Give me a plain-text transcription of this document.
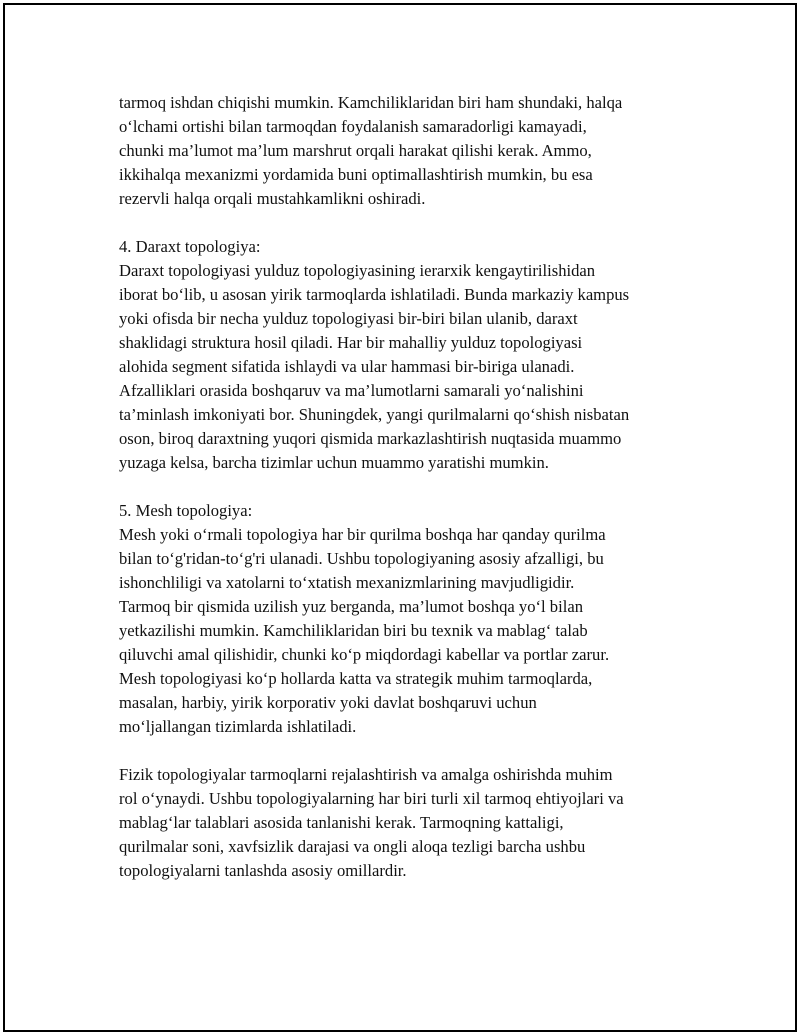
tarmoq ishdan chiqishi mumkin. Kamchiliklaridan biri ham shundaki, halqa
o‘lchami ortishi bilan tarmoqdan foydalanish samaradorligi kamayadi,
chunki ma’lumot ma’lum marshrut orqali harakat qilishi kerak. Ammo,
ikkihalqa mexanizmi yordamida buni optimallashtirish mumkin, bu esa
rezervli halqa orqali mustahkamlikni oshiradi.
4. Daraxt topologiya:
Daraxt topologiyasi yulduz topologiyasining ierarxik kengaytirilishidan
iborat bo‘lib, u asosan yirik tarmoqlarda ishlatiladi. Bunda markaziy kampus
yoki ofisda bir necha yulduz topologiyasi bir-biri bilan ulanib, daraxt
shaklidagi struktura hosil qiladi. Har bir mahalliy yulduz topologiyasi
alohida segment sifatida ishlaydi va ular hammasi bir-biriga ulanadi.
Afzalliklari orasida boshqaruv va ma’lumotlarni samarali yo‘nalishini
ta’minlash imkoniyati bor. Shuningdek, yangi qurilmalarni qo‘shish nisbatan
oson, biroq daraxtning yuqori qismida markazlashtirish nuqtasida muammo
yuzaga kelsa, barcha tizimlar uchun muammo yaratishi mumkin.
5. Mesh topologiya:
Mesh yoki o‘rmali topologiya har bir qurilma boshqa har qanday qurilma
bilan to‘g'ridan-to‘g'ri ulanadi. Ushbu topologiyaning asosiy afzalligi, bu
ishonchliligi va xatolarni to‘xtatish mexanizmlarining mavjudligidir.
Tarmoq bir qismida uzilish yuz berganda, ma’lumot boshqa yo‘l bilan
yetkazilishi mumkin. Kamchiliklaridan biri bu texnik va mablag‘ talab
qiluvchi amal qilishidir, chunki ko‘p miqdordagi kabellar va portlar zarur.
Mesh topologiyasi ko‘p hollarda katta va strategik muhim tarmoqlarda,
masalan, harbiy, yirik korporativ yoki davlat boshqaruvi uchun
mo‘ljallangan tizimlarda ishlatiladi.
Fizik topologiyalar tarmoqlarni rejalashtirish va amalga oshirishda muhim
rol o‘ynaydi. Ushbu topologiyalarning har biri turli xil tarmoq ehtiyojlari va
mablag‘lar talablari asosida tanlanishi kerak. Tarmoqning kattaligi,
qurilmalar soni, xavfsizlik darajasi va ongli aloqa tezligi barcha ushbu
topologiyalarni tanlashda asosiy omillardir.
